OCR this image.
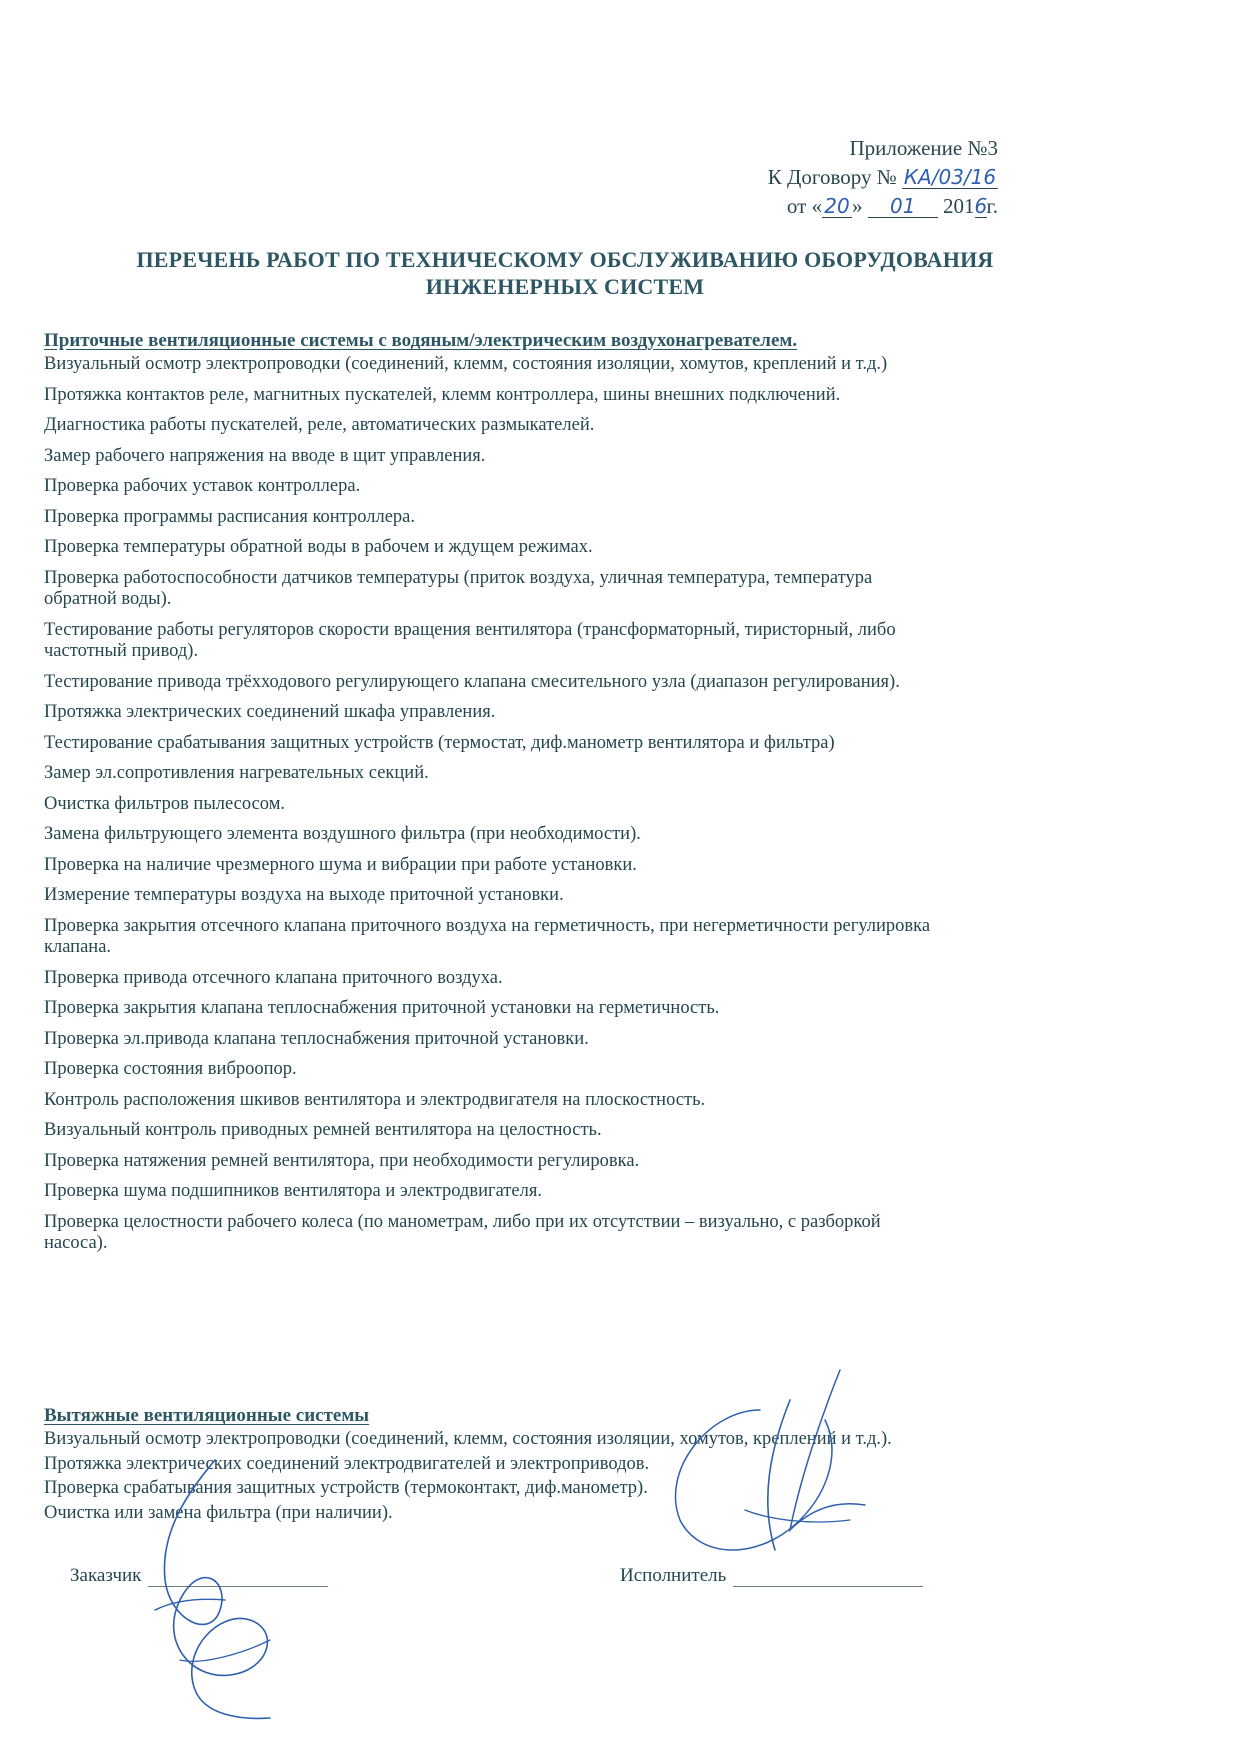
Приложение №3
К Договору № КА/03/16
от « 20 » 01 2016г.
ПЕРЕЧЕНЬ РАБОТ ПО ТЕХНИЧЕСКОМУ ОБСЛУЖИВАНИЮ ОБОРУДОВАНИЯ
ИНЖЕНЕРНЫХ СИСТЕМ
Приточные вентиляционные системы с водяным/электрическим воздухонагревателем.
Визуальный осмотр электропроводки (соединений, клемм, состояния изоляции, хомутов, креплений и т.д.)
Протяжка контактов реле, магнитных пускателей, клемм контроллера, шины внешних подключений.
Диагностика работы пускателей, реле, автоматических размыкателей.
Замер рабочего напряжения на вводе в щит управления.
Проверка рабочих уставок контроллера.
Проверка программы расписания контроллера.
Проверка температуры обратной воды в рабочем и ждущем режимах.
Проверка работоспособности датчиков температуры (приток воздуха, уличная температура, температура обратной воды).
Тестирование работы регуляторов скорости вращения вентилятора (трансформаторный, тиристорный, либо частотный привод).
Тестирование привода трёхходового регулирующего клапана смесительного узла (диапазон регулирования).
Протяжка электрических соединений шкафа управления.
Тестирование срабатывания защитных устройств (термостат, диф.манометр вентилятора и фильтра)
Замер эл.сопротивления нагревательных секций.
Очистка фильтров пылесосом.
Замена фильтрующего элемента воздушного фильтра (при необходимости).
Проверка на наличие чрезмерного шума и вибрации при работе установки.
Измерение температуры воздуха на выходе приточной установки.
Проверка закрытия отсечного клапана приточного воздуха на герметичность, при негерметичности регулировка клапана.
Проверка привода отсечного клапана приточного воздуха.
Проверка закрытия клапана теплоснабжения приточной установки на герметичность.
Проверка эл.привода клапана теплоснабжения приточной установки.
Проверка состояния виброопор.
Контроль расположения шкивов вентилятора и электродвигателя на плоскостность.
Визуальный контроль приводных ремней вентилятора на целостность.
Проверка натяжения ремней вентилятора, при необходимости регулировка.
Проверка шума подшипников вентилятора и электродвигателя.
Проверка целостности рабочего колеса (по манометрам, либо при их отсутствии – визуально, с разборкой насоса).
Вытяжные вентиляционные системы
Визуальный осмотр электропроводки (соединений, клемм, состояния изоляции, хомутов, креплений и т.д.).
Протяжка электрических соединений электродвигателей и электроприводов.
Проверка срабатывания защитных устройств (термоконтакт, диф.манометр).
Очистка или замена фильтра (при наличии).
Заказчик	Исполнитель
